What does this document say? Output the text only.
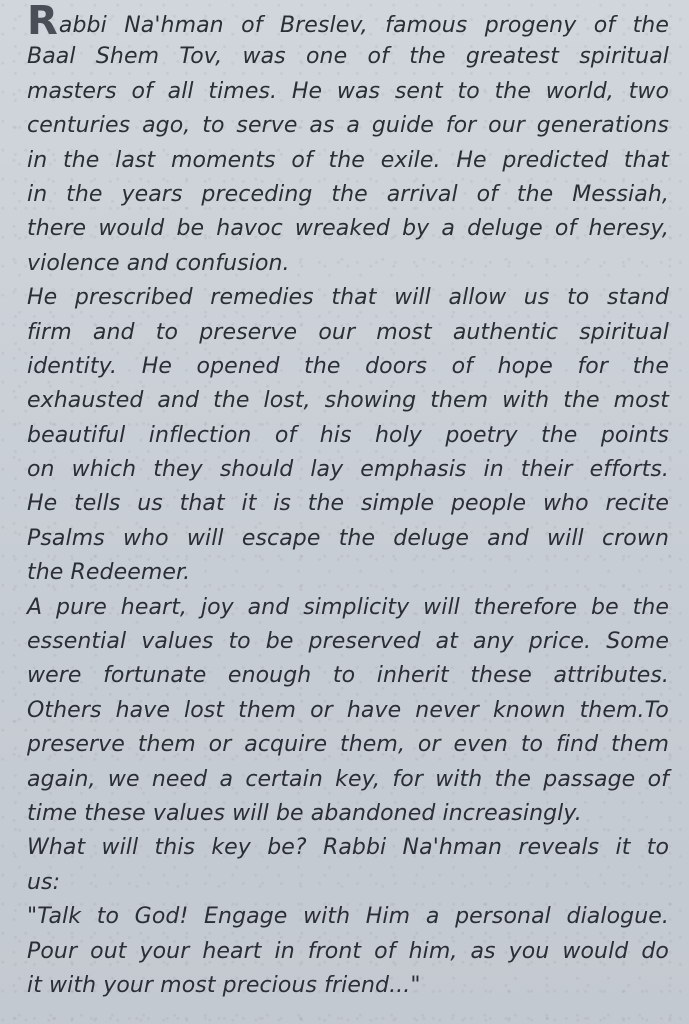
Rabbi Na'hman of Breslev, famous progeny of the
Baal Shem Tov, was one of the greatest spiritual
masters of all times. He was sent to the world, two
centuries ago, to serve as a guide for our generations
in the last moments of the exile. He predicted that
in the years preceding the arrival of the Messiah,
there would be havoc wreaked by a deluge of heresy,
violence and confusion.
He prescribed remedies that will allow us to stand
firm and to preserve our most authentic spiritual
identity. He opened the doors of hope for the
exhausted and the lost, showing them with the most
beautiful inflection of his holy poetry the points
on which they should lay emphasis in their efforts.
He tells us that it is the simple people who recite
Psalms who will escape the deluge and will crown
the Redeemer.
A pure heart, joy and simplicity will therefore be the
essential values to be preserved at any price. Some
were fortunate enough to inherit these attributes.
Others have lost them or have never known them.To
preserve them or acquire them, or even to find them
again, we need a certain key, for with the passage of
time these values will be abandoned increasingly.
What will this key be? Rabbi Na'hman reveals it to
us:
"Talk to God! Engage with Him a personal dialogue.
Pour out your heart in front of him, as you would do
it with your most precious friend..."
